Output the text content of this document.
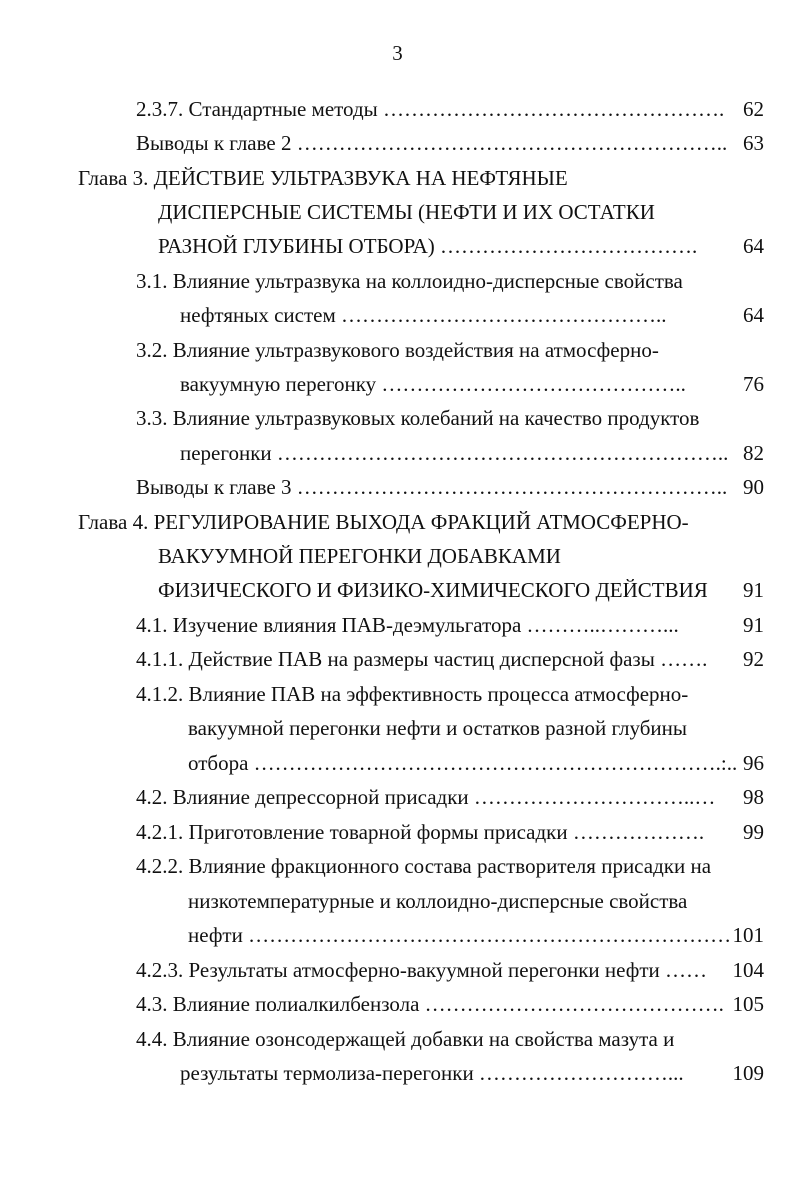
3
2.3.7. Стандартные методы …………………………………………. 62
Выводы к главе 2 …………………………………………………….. 63
Глава 3. ДЕЙСТВИЕ УЛЬТРАЗВУКА НА НЕФТЯНЫЕ
ДИСПЕРСНЫЕ СИСТЕМЫ (НЕФТИ И ИХ ОСТАТКИ
РАЗНОЙ ГЛУБИНЫ ОТБОРА) ……………………………….	64
3.1. Влияние ультразвука на коллоидно-дисперсные свойства
нефтяных систем ………………………………………..	64
3.2. Влияние ультразвукового воздействия на атмосферно-
вакуумную перегонку ……………………………………..	76
3.3. Влияние ультразвуковых колебаний на качество продуктов
перегонки ……………………………………………………….. 82
Выводы к главе 3 …………………………………………………….. 90
Глава 4. РЕГУЛИРОВАНИЕ ВЫХОДА ФРАКЦИЙ АТМОСФЕРНО-
ВАКУУМНОЙ ПЕРЕГОНКИ ДОБАВКАМИ
ФИЗИЧЕСКОГО И ФИЗИКО-ХИМИЧЕСКОГО ДЕЙСТВИЯ	91
4.1. Изучение влияния ПАВ-деэмульгатора ………..………...	91
4.1.1. Действие ПАВ на размеры частиц дисперсной фазы …….	92
4.1.2. Влияние ПАВ на эффективность процесса атмосферно-
вакуумной перегонки нефти и остатков разной глубины
отбора ………………………………………………………….:.. 96
4.2. Влияние депрессорной присадки …………………………..…	98
4.2.1. Приготовление товарной формы присадки ……………….	99
4.2.2. Влияние фракционного состава растворителя присадки на
низкотемпературные и коллоидно-дисперсные свойства
нефти …………………………………………………………… 101
4.2.3. Результаты атмосферно-вакуумной перегонки нефти ……	104
4.3. Влияние полиалкилбензола ……………………………………. 105
4.4. Влияние озонсодержащей добавки на свойства мазута и
результаты термолиза-перегонки ………………………...	109
